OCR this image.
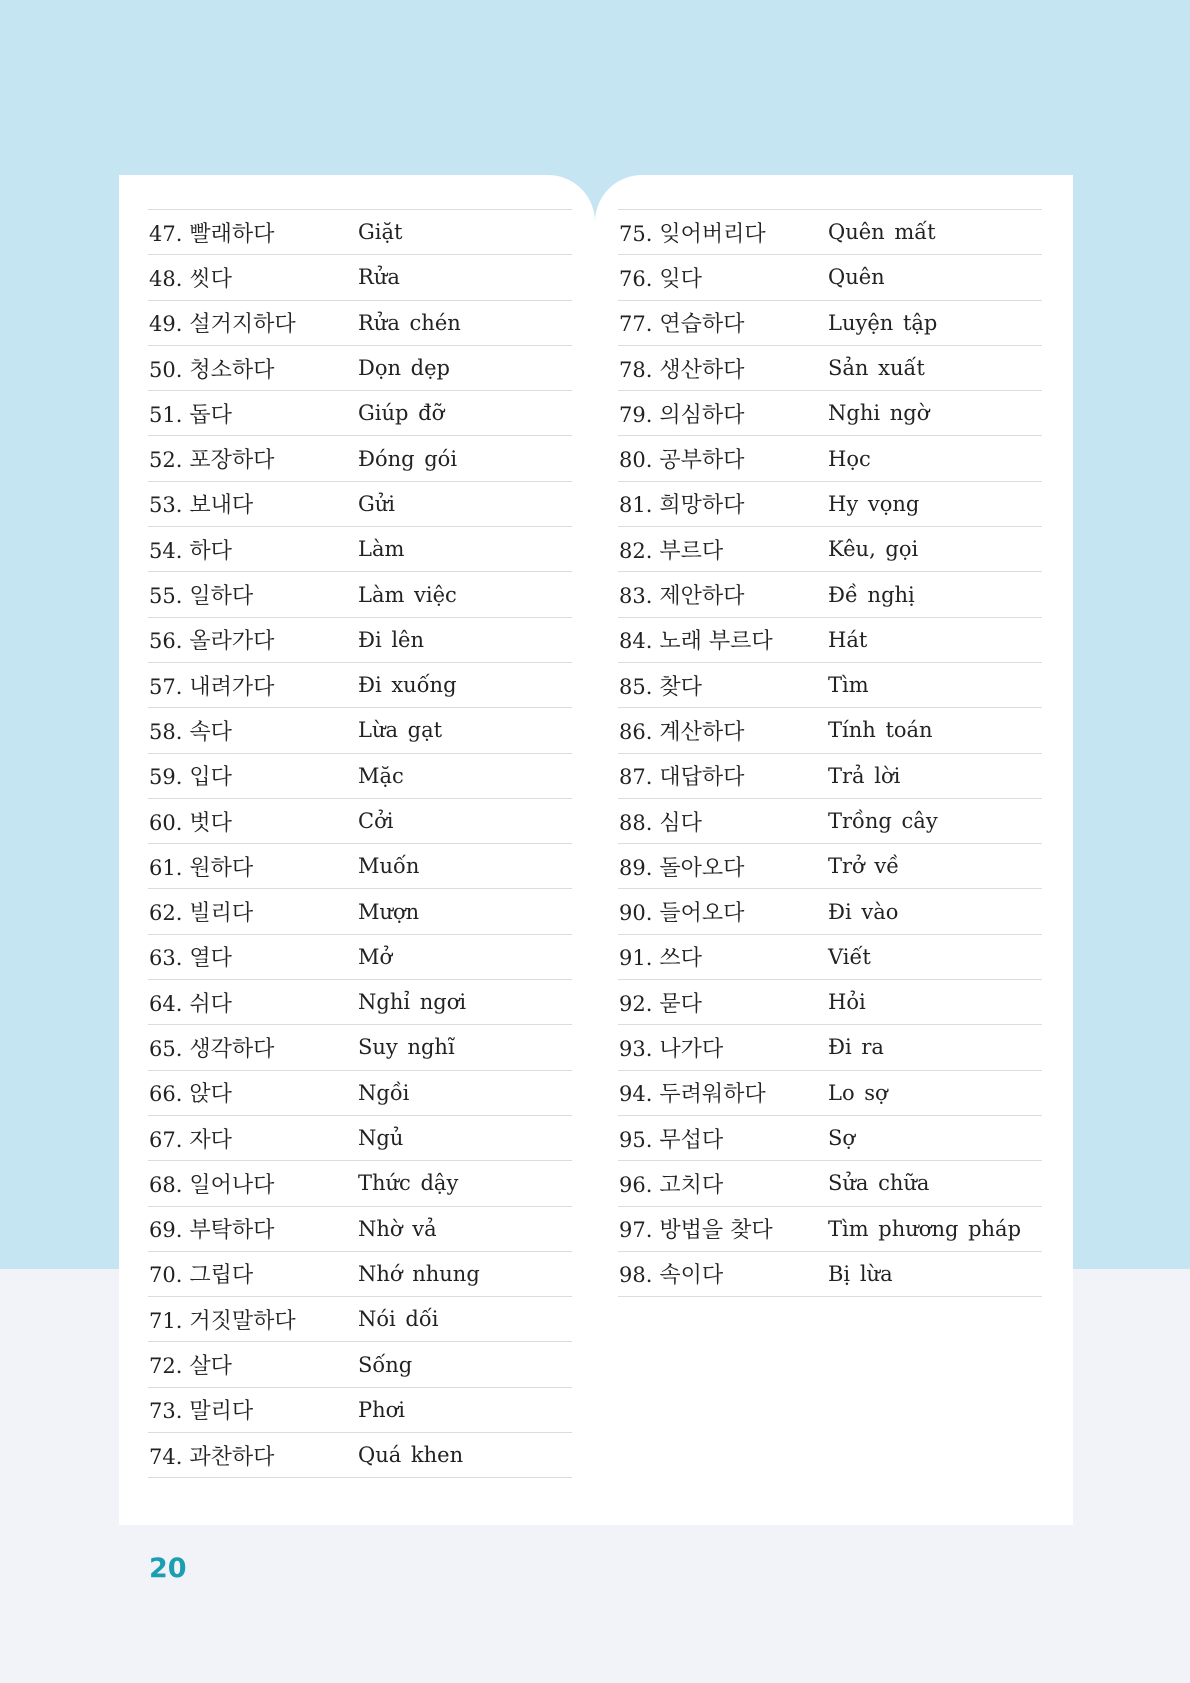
47. 빨래하다	Giặt
48. 씻다	Rửa
49. 설거지하다	Rửa chén
50. 청소하다	Dọn dẹp
51. 돕다	Giúp đỡ
52. 포장하다	Đóng gói
53. 보내다	Gửi
54. 하다	Làm
55. 일하다	Làm việc
56. 올라가다	Đi lên
57. 내려가다	Đi xuống
58. 속다	Lừa gạt
59. 입다	Mặc
60. 벗다	Cởi
61. 원하다	Muốn
62. 빌리다	Mượn
63. 열다	Mở
64. 쉬다	Nghỉ ngơi
65. 생각하다	Suy nghĩ
66. 앉다	Ngồi
67. 자다	Ngủ
68. 일어나다	Thức dậy
69. 부탁하다	Nhờ vả
70. 그립다	Nhớ nhung
71. 거짓말하다	Nói dối
72. 살다	Sống
73. 말리다	Phơi
74. 과찬하다	Quá khen
75. 잊어버리다	Quên mất
76. 잊다	Quên
77. 연습하다	Luyện tập
78. 생산하다	Sản xuất
79. 의심하다	Nghi ngờ
80. 공부하다	Học
81. 희망하다	Hy vọng
82. 부르다	Kêu, gọi
83. 제안하다	Đề nghị
84. 노래 부르다	Hát
85. 찾다	Tìm
86. 계산하다	Tính toán
87. 대답하다	Trả lời
88. 심다	Trồng cây
89. 돌아오다	Trở về
90. 들어오다	Đi vào
91. 쓰다	Viết
92. 묻다	Hỏi
93. 나가다	Đi ra
94. 두려워하다	Lo sợ
95. 무섭다	Sợ
96. 고치다	Sửa chữa
97. 방법을 찾다	Tìm phương pháp
98. 속이다	Bị lừa
20
